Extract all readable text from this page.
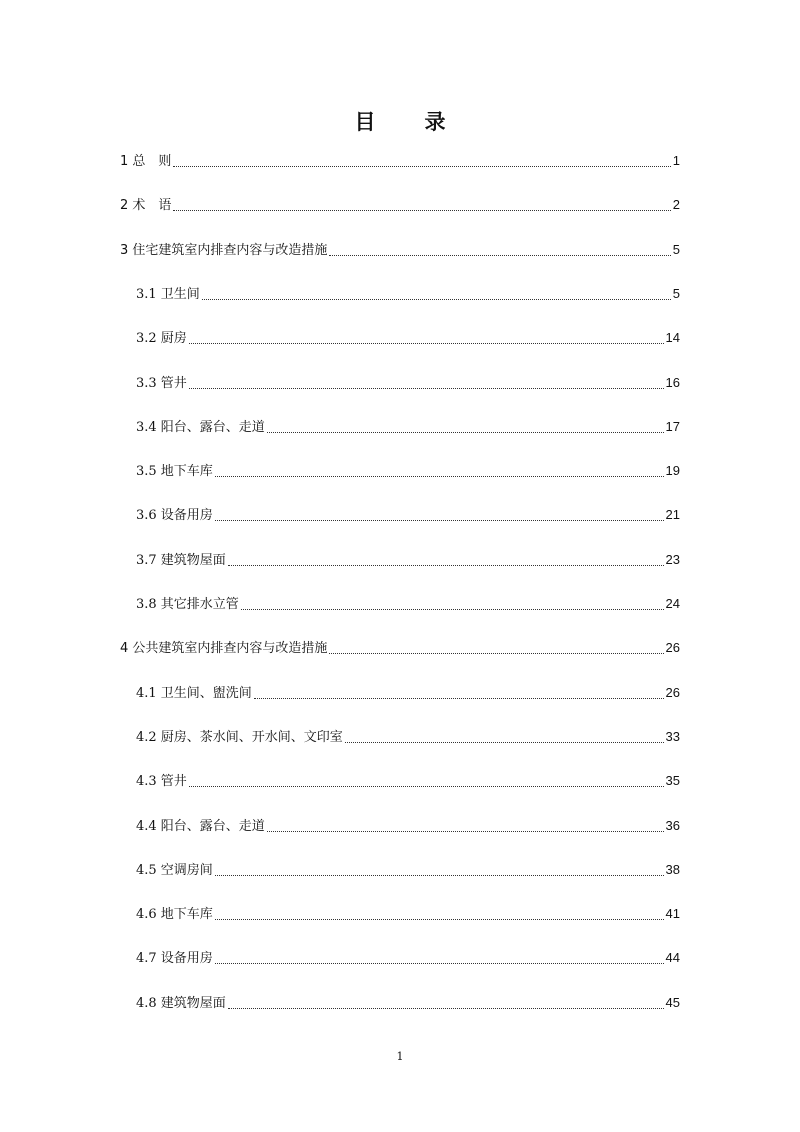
目　录
1 总　则	1
2 术　语	2
3 住宅建筑室内排查内容与改造措施	5
3.1 卫生间	5
3.2 厨房	14
3.3 管井	16
3.4 阳台、露台、走道	17
3.5 地下车库	19
3.6 设备用房	21
3.7 建筑物屋面	23
3.8 其它排水立管	24
4 公共建筑室内排查内容与改造措施	26
4.1 卫生间、盥洗间	26
4.2 厨房、茶水间、开水间、文印室	33
4.3 管井	35
4.4 阳台、露台、走道	36
4.5 空调房间	38
4.6 地下车库	41
4.7 设备用房	44
4.8 建筑物屋面	45
1
